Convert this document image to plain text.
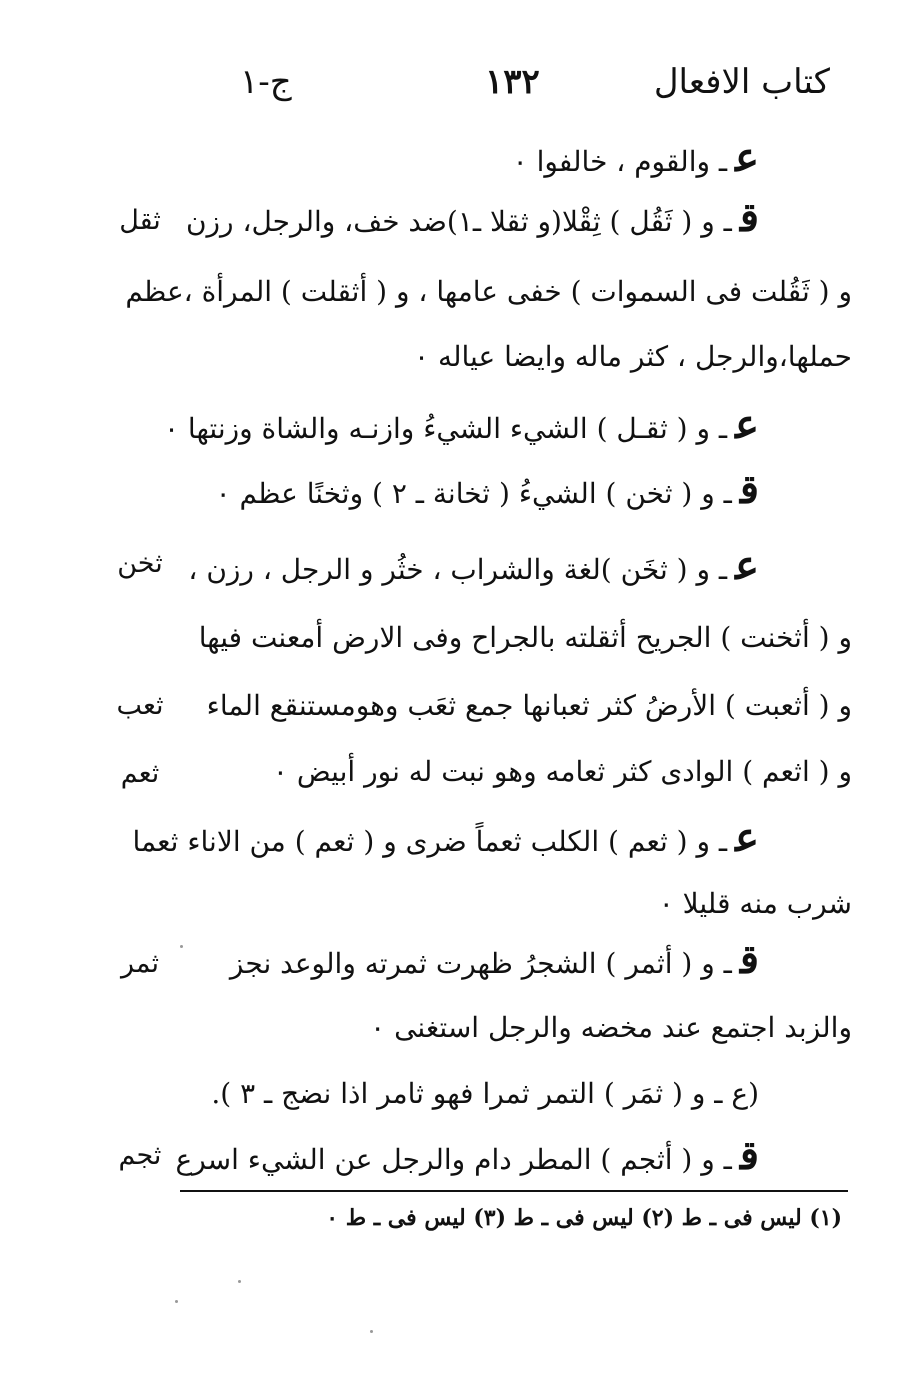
كتاب الافعال
١٣٢
ج-١
عـ والقوم ، خالفوا ٠
قـ و ( ثَقُل ) ثِقْلا(و ثقلا ـ١)ضد خف، والرجل، رزن
و ( ثَقُلت فى السموات ) خفى عامها ، و ( أثقلت ) المرأة ،عظم
حملها،والرجل ، كثر ماله وايضا عياله ٠
عـ و ( ثقـل ) الشيء الشيءُ وازنـه والشاة وزنتها ٠
قـ و ( ثخن ) الشيءُ ( ثخانة ـ ٢ ) وثخنًا عظم ٠
عـ و ( ثخَن )لغة والشراب ، خثُر و الرجل ، رزن ،
و ( أثخنت ) الجريح أثقلته بالجراح وفى الارض أمعنت فيها
و ( أثعبت ) الأرضُ كثر ثعبانها جمع ثعَب وهومستنقع الماء
و ( اثعم ) الوادى كثر ثعامه وهو نبت له نور أبيض ٠
عـ و ( ثعم ) الكلب ثعماً ضرى و ( ثعم ) من الاناء ثعما
شرب منه قليلا ٠
قـ و ( أثمر ) الشجرُ ظهرت ثمرته والوعد نجز
والزبد اجتمع عند مخضه والرجل استغنى ٠
(ع ـ و ( ثمَر ) التمر ثمرا فهو ثامر اذا نضج ـ ٣ ).
قـ و ( أثجم ) المطر دام والرجل عن الشيء اسرع
ثقل
ثخن
ثعب
ثعم
ثمر
ثجم
(١) ليس فى ـ ط (٢) ليس فى ـ ط (٣) ليس فى ـ ط ٠
